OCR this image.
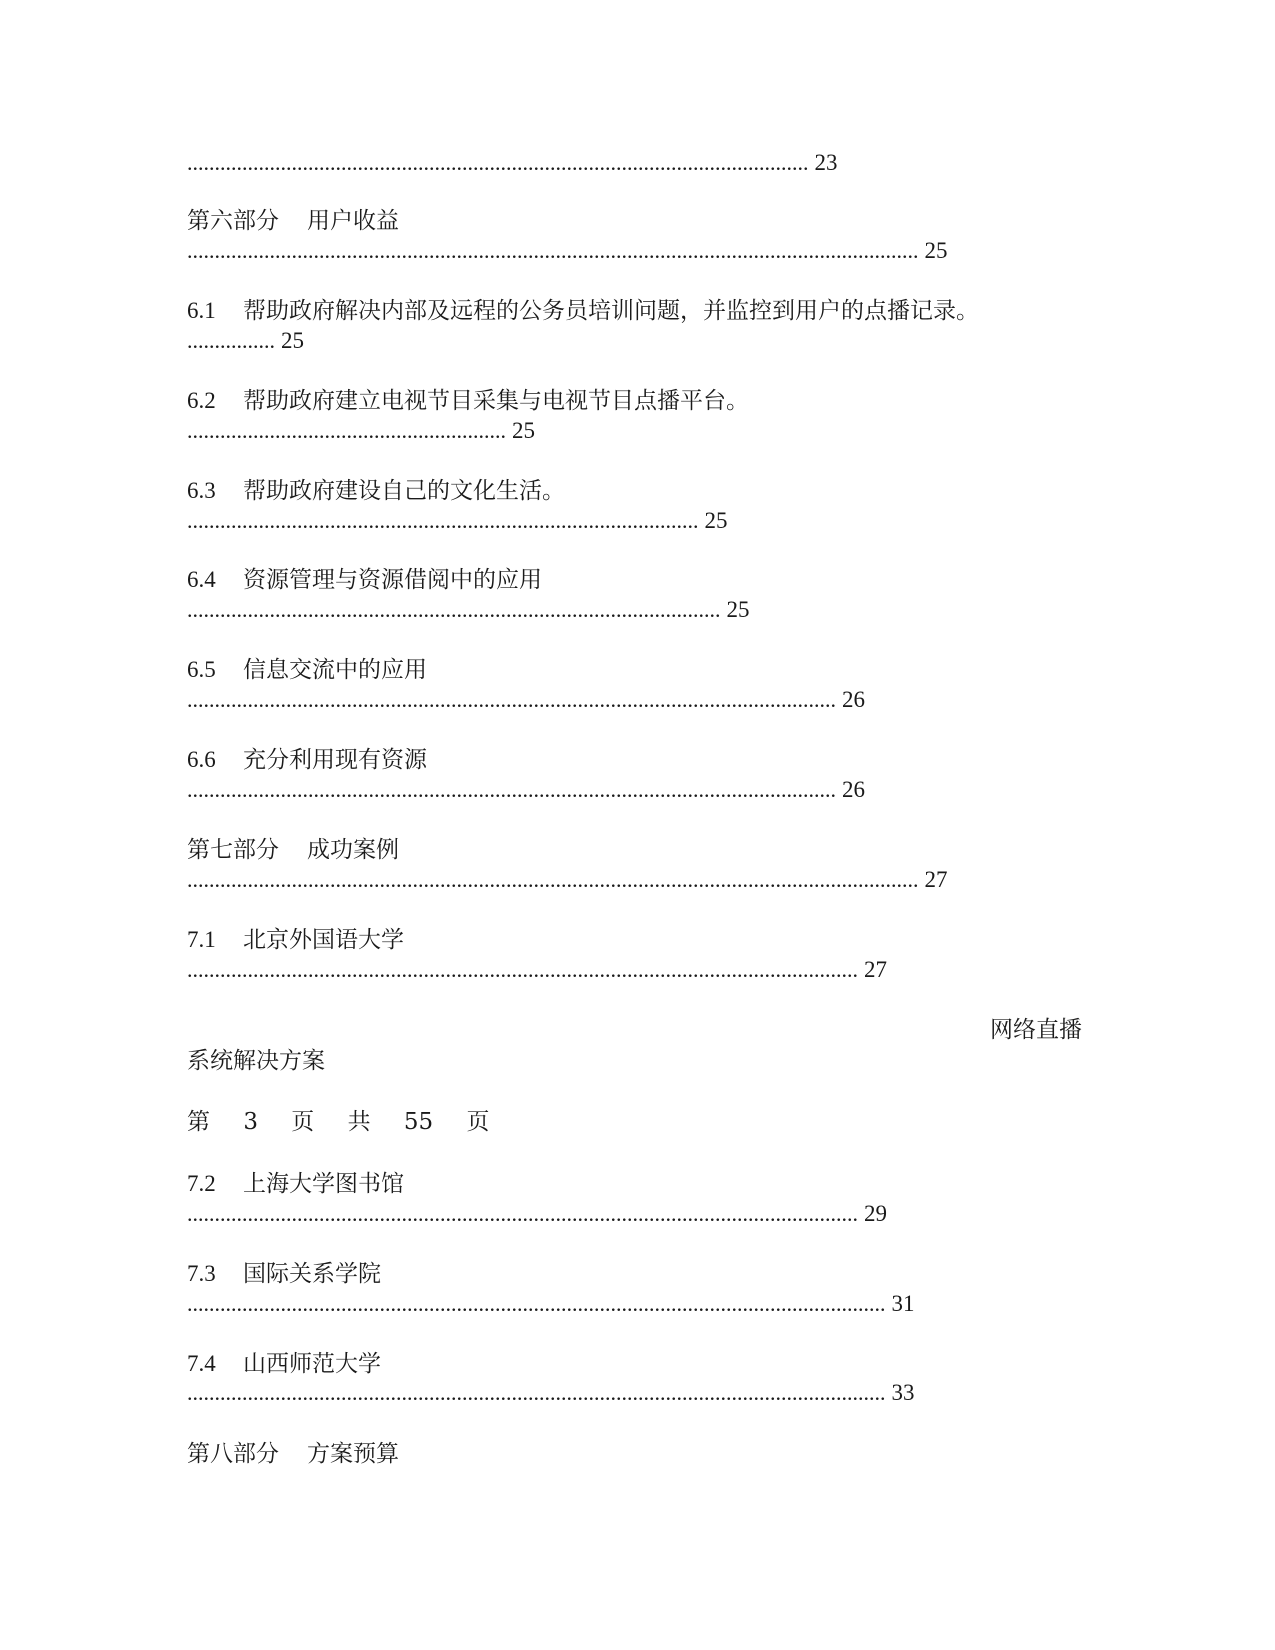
................................................................................................................. 23
第六部分 用户收益
..................................................................................................................................... 25
6.1 帮助政府解决内部及远程的公务员培训问题，并监控到用户的点播记录。
................ 25
6.2 帮助政府建立电视节目采集与电视节目点播平台。
.......................................................... 25
6.3 帮助政府建设自己的文化生活。
............................................................................................. 25
6.4 资源管理与资源借阅中的应用
................................................................................................. 25
6.5 信息交流中的应用
...................................................................................................................... 26
6.6 充分利用现有资源
...................................................................................................................... 26
第七部分 成功案例
..................................................................................................................................... 27
7.1 北京外国语大学
.......................................................................................................................... 27
网络直播
系统解决方案
第 3 页 共 55 页
7.2 上海大学图书馆
.......................................................................................................................... 29
7.3 国际关系学院
............................................................................................................................... 31
7.4 山西师范大学
............................................................................................................................... 33
第八部分 方案预算
